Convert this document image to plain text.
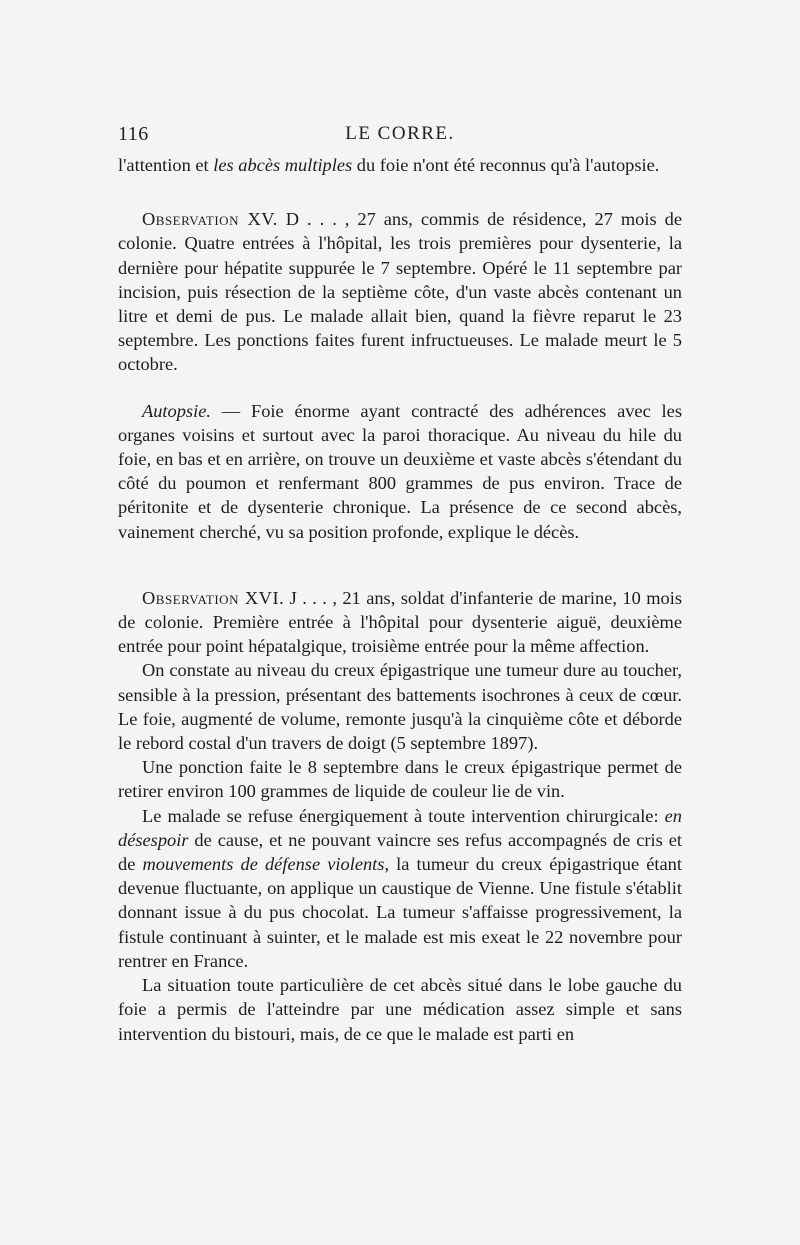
116	LE CORRE.

l'attention et les abcès multiples du foie n'ont été reconnus qu'à l'autopsie.

Observation XV. D . . . , 27 ans, commis de résidence, 27 mois de colonie. Quatre entrées à l'hôpital, les trois premières pour dysenterie, la dernière pour hépatite suppurée le 7 septembre. Opéré le 11 septembre par incision, puis résection de la septième côte, d'un vaste abcès contenant un litre et demi de pus. Le malade allait bien, quand la fièvre reparut le 23 septembre. Les ponctions faites furent infructueuses. Le malade meurt le 5 octobre.

Autopsie. — Foie énorme ayant contracté des adhérences avec les organes voisins et surtout avec la paroi thoracique. Au niveau du hile du foie, en bas et en arrière, on trouve un deuxième et vaste abcès s'étendant du côté du poumon et renfermant 800 grammes de pus environ. Trace de péritonite et de dysenterie chronique. La présence de ce second abcès, vainement cherché, vu sa position profonde, explique le décès.

Observation XVI. J . . . , 21 ans, soldat d'infanterie de marine, 10 mois de colonie. Première entrée à l'hôpital pour dysenterie aiguë, deuxième entrée pour point hépatalgique, troisième entrée pour la même affection.

On constate au niveau du creux épigastrique une tumeur dure au toucher, sensible à la pression, présentant des battements isochrones à ceux de cœur. Le foie, augmenté de volume, remonte jusqu'à la cinquième côte et déborde le rebord costal d'un travers de doigt (5 septembre 1897).

Une ponction faite le 8 septembre dans le creux épigastrique permet de retirer environ 100 grammes de liquide de couleur lie de vin.

Le malade se refuse énergiquement à toute intervention chirurgicale: en désespoir de cause, et ne pouvant vaincre ses refus accompagnés de cris et de mouvements de défense violents, la tumeur du creux épigastrique étant devenue fluctuante, on applique un caustique de Vienne. Une fistule s'établit donnant issue à du pus chocolat. La tumeur s'affaisse progressivement, la fistule continuant à suinter, et le malade est mis exeat le 22 novembre pour rentrer en France.

La situation toute particulière de cet abcès situé dans le lobe gauche du foie a permis de l'atteindre par une médication assez simple et sans intervention du bistouri, mais, de ce que le malade est parti en
